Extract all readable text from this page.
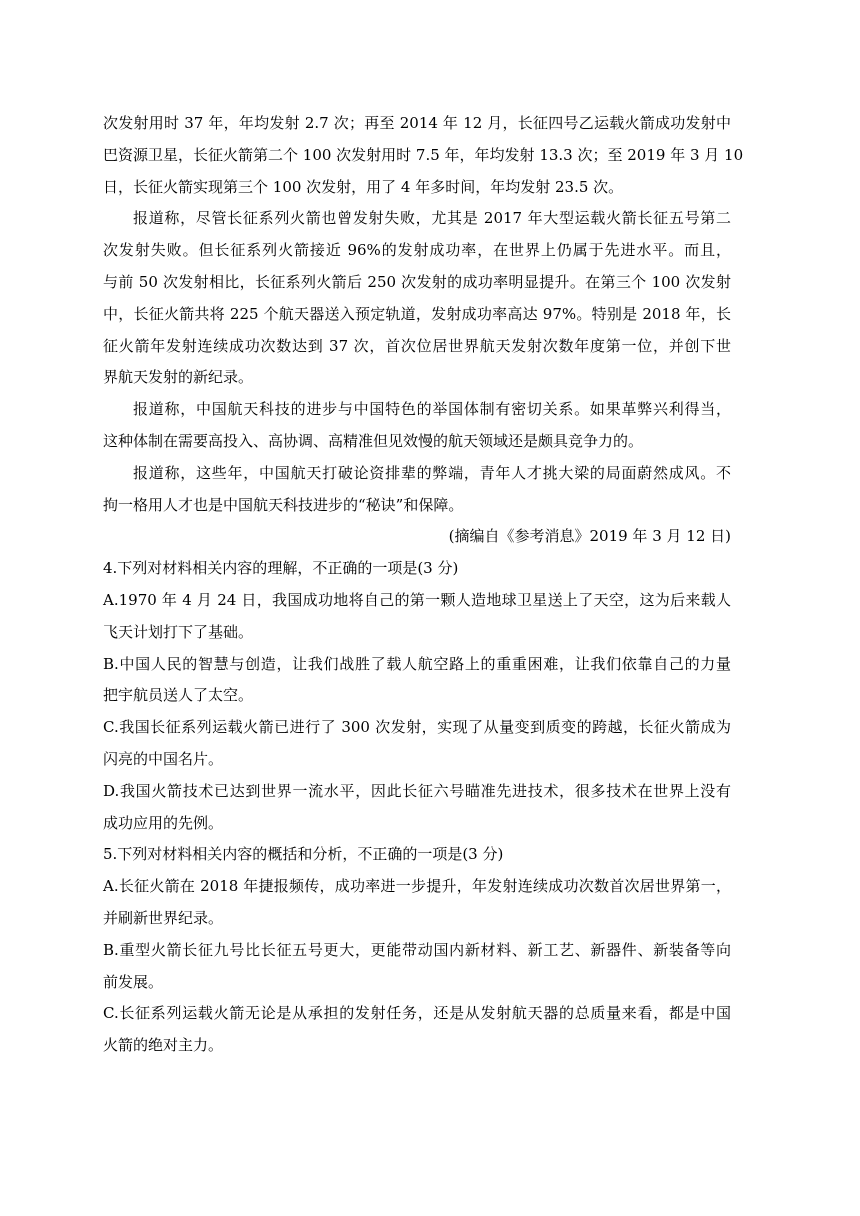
次发射用时 37 年，年均发射 2.7 次；再至 2014 年 12 月，长征四号乙运载火箭成功发射中
巴资源卫星，长征火箭第二个 100 次发射用时 7.5 年，年均发射 13.3 次；至 2019 年 3 月 10
日，长征火箭实现第三个 100 次发射，用了 4 年多时间，年均发射 23.5 次。
报道称，尽管长征系列火箭也曾发射失败，尤其是 2017 年大型运载火箭长征五号第二
次发射失败。但长征系列火箭接近 96%的发射成功率，在世界上仍属于先进水平。而且，
与前 50 次发射相比，长征系列火箭后 250 次发射的成功率明显提升。在第三个 100 次发射
中，长征火箭共将 225 个航天器送入预定轨道，发射成功率高达 97%。特别是 2018 年，长
征火箭年发射连续成功次数达到 37 次，首次位居世界航天发射次数年度第一位，并创下世
界航天发射的新纪录。
报道称，中国航天科技的进步与中国特色的举国体制有密切关系。如果革弊兴利得当，
这种体制在需要高投入、高协调、高精准但见效慢的航天领域还是颇具竞争力的。
报道称，这些年，中国航天打破论资排辈的弊端，青年人才挑大梁的局面蔚然成风。不
拘一格用人才也是中国航天科技进步的“秘诀”和保障。
(摘编自《参考消息》2019 年 3 月 12 日)
4.下列对材料相关内容的理解，不正确的一项是(3 分)
A.1970 年 4 月 24 日，我国成功地将自己的第一颗人造地球卫星送上了天空，这为后来载人
飞天计划打下了基础。
B.中国人民的智慧与创造，让我们战胜了载人航空路上的重重困难，让我们依靠自己的力量
把宇航员送人了太空。
C.我国长征系列运载火箭已进行了 300 次发射，实现了从量变到质变的跨越，长征火箭成为
闪亮的中国名片。
D.我国火箭技术已达到世界一流水平，因此长征六号瞄准先进技术，很多技术在世界上没有
成功应用的先例。
5.下列对材料相关内容的概括和分析，不正确的一项是(3 分)
A.长征火箭在 2018 年捷报频传，成功率进一步提升，年发射连续成功次数首次居世界第一，
并刷新世界纪录。
B.重型火箭长征九号比长征五号更大，更能带动国内新材料、新工艺、新器件、新装备等向
前发展。
C.长征系列运载火箭无论是从承担的发射任务，还是从发射航天器的总质量来看，都是中国
火箭的绝对主力。
